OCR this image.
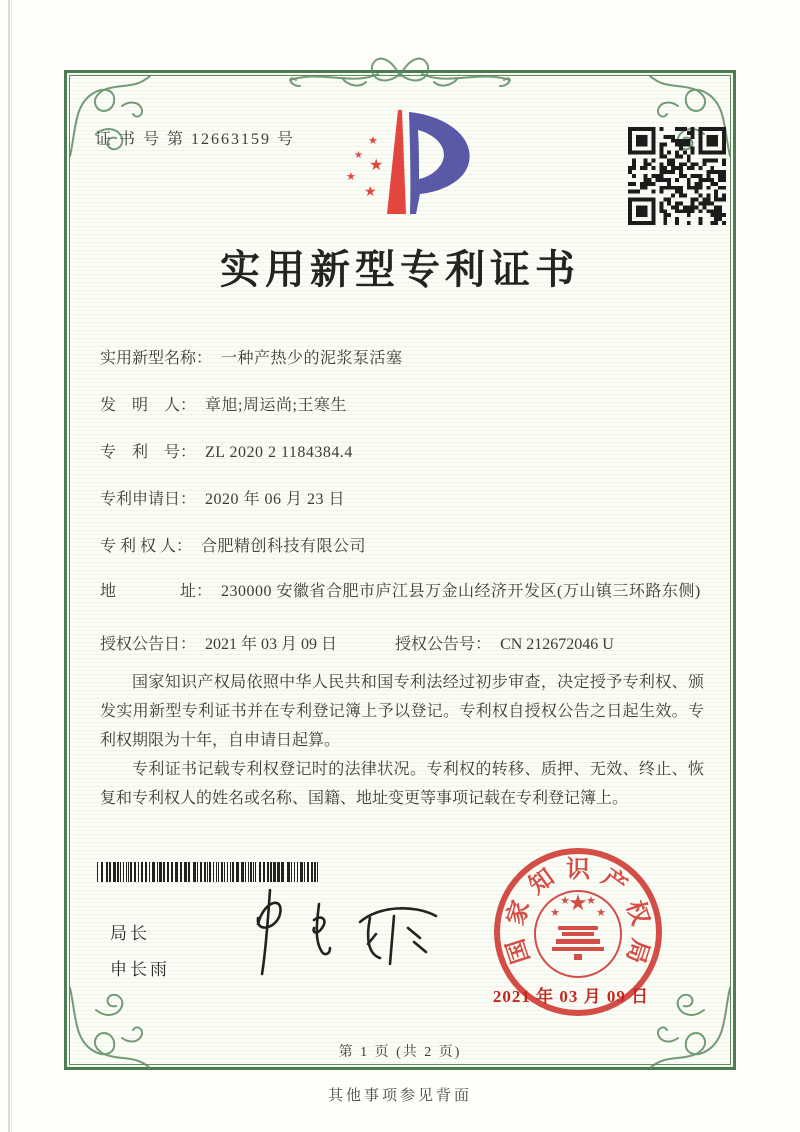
证 书 号 第 12663159 号	★
★
★
★
★
实用新型专利证书
实用新型名称 ： 一种产热少的泥浆泵活塞
发　明　人 ： 章旭;周运尚;王寒生
专　利　号 ： ZL 2020 2 1184384.4
专利申请日 ： 2020 年 06 月 23 日
专 利 权 人 ： 合肥精创科技有限公司
地　　　　址 ： 230000 安徽省合肥市庐江县万金山经济开发区(万山镇三环路东侧)
授权公告日 ： 2021 年 03 月 09 日	授权公告号 ： CN 212672046 U

国家知识产权局依照中华人民共和国专利法经过初步审查，决定授予专利权、颁发实用新型专利证书并在专利登记簿上予以登记。专利权自授权公告之日起生效。专利权期限为十年，自申请日起算。

专利证书记载专利权登记时的法律状况。专利权的转移、质押、无效、终止、恢复和专利权人的姓名或名称、国籍、地址变更等事项记载在专利登记簿上。

局长
申长雨
国
家
知 识 产
权
局
★
★
★ ★
★
2021 年 03 月 09 日
第 1 页 (共 2 页)
其他事项参见背面
